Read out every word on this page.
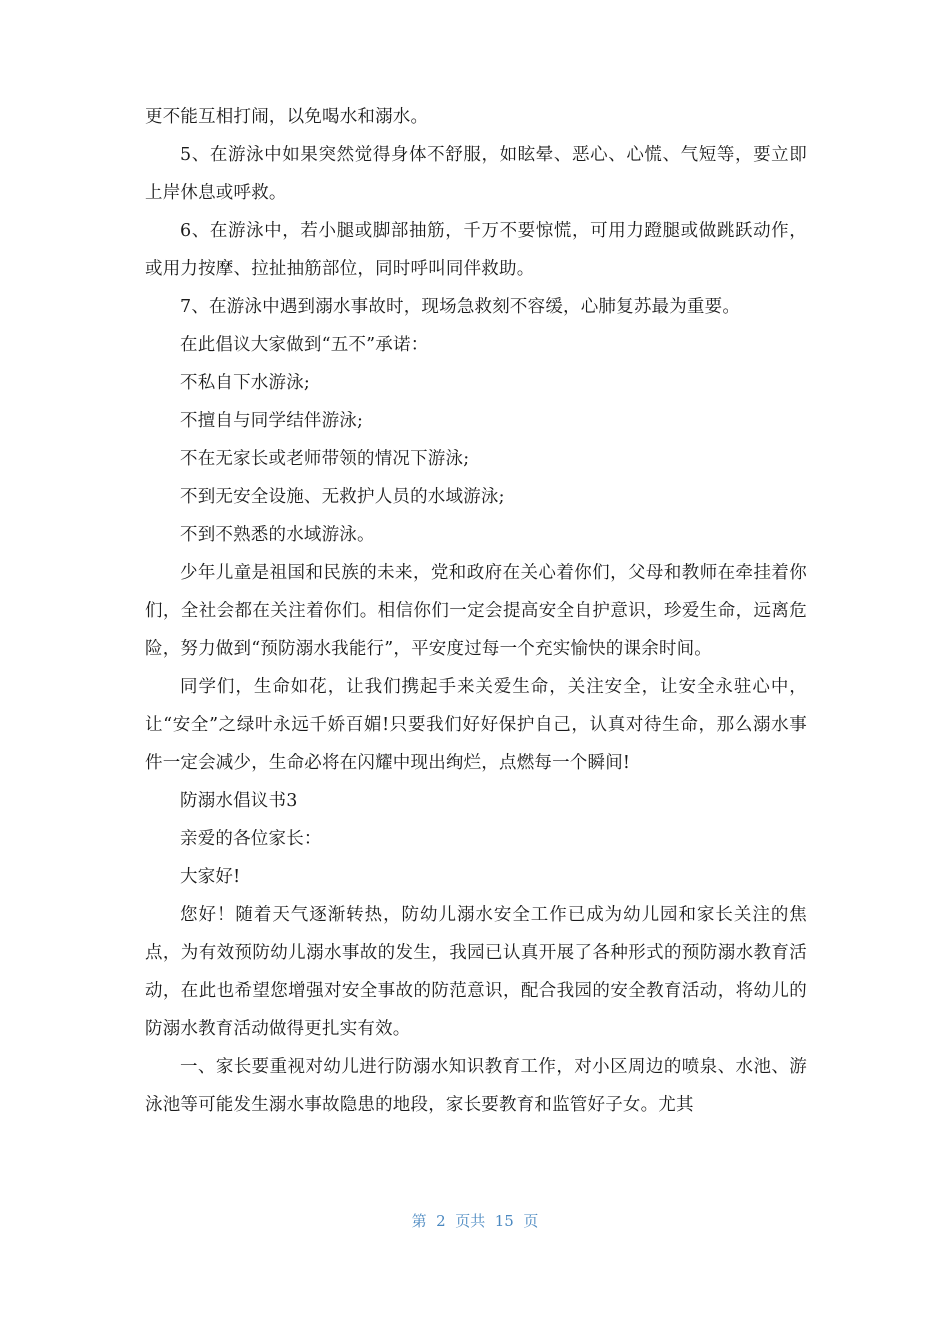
更不能互相打闹，以免喝水和溺水。

5、在游泳中如果突然觉得身体不舒服，如眩晕、恶心、心慌、气短等，要立即上岸休息或呼救。

6、在游泳中，若小腿或脚部抽筋，千万不要惊慌，可用力蹬腿或做跳跃动作，或用力按摩、拉扯抽筋部位，同时呼叫同伴救助。

7、在游泳中遇到溺水事故时，现场急救刻不容缓，心肺复苏最为重要。

在此倡议大家做到“五不”承诺：

不私自下水游泳;

不擅自与同学结伴游泳;

不在无家长或老师带领的情况下游泳;

不到无安全设施、无救护人员的水域游泳;

不到不熟悉的水域游泳。

少年儿童是祖国和民族的未来，党和政府在关心着你们，父母和教师在牵挂着你们，全社会都在关注着你们。相信你们一定会提高安全自护意识，珍爱生命，远离危险，努力做到“预防溺水我能行”，平安度过每一个充实愉快的课余时间。

同学们，生命如花，让我们携起手来关爱生命，关注安全，让安全永驻心中，让“安全”之绿叶永远千娇百媚!只要我们好好保护自己，认真对待生命，那么溺水事件一定会减少，生命必将在闪耀中现出绚烂，点燃每一个瞬间!

防溺水倡议书3

亲爱的各位家长：

大家好!

您好！随着天气逐渐转热，防幼儿溺水安全工作已成为幼儿园和家长关注的焦点，为有效预防幼儿溺水事故的发生，我园已认真开展了各种形式的预防溺水教育活动，在此也希望您增强对安全事故的防范意识，配合我园的安全教育活动，将幼儿的防溺水教育活动做得更扎实有效。

一、家长要重视对幼儿进行防溺水知识教育工作，对小区周边的喷泉、水池、游泳池等可能发生溺水事故隐患的地段，家长要教育和监管好子女。尤其

第  2  页共  15  页
